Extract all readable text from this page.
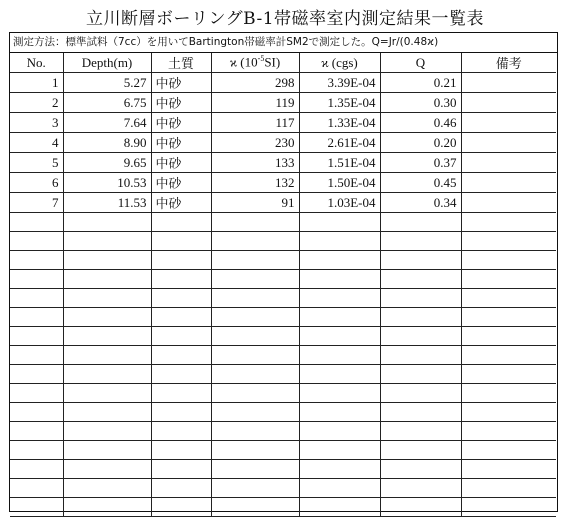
立川断層ボーリングB-1帯磁率室内測定結果一覧表
測定方法：標準試料（7cc）を用いてBartington帯磁率計SM2で測定した。Q=Jr/(0.48ϰ)
No.	Depth(m)	土質	ϰ $(10^{-5}SI)$	ϰ (cgs)	Q	備考
1	5.27	中砂	298	3.39E-04	0.21	
2	6.75	中砂	119	1.35E-04	0.30	
3	7.64	中砂	117	1.33E-04	0.46	
4	8.90	中砂	230	2.61E-04	0.20	
5	9.65	中砂	133	1.51E-04	0.37	
6	10.53	中砂	132	1.50E-04	0.45	
7	11.53	中砂	91	1.03E-04	0.34	
